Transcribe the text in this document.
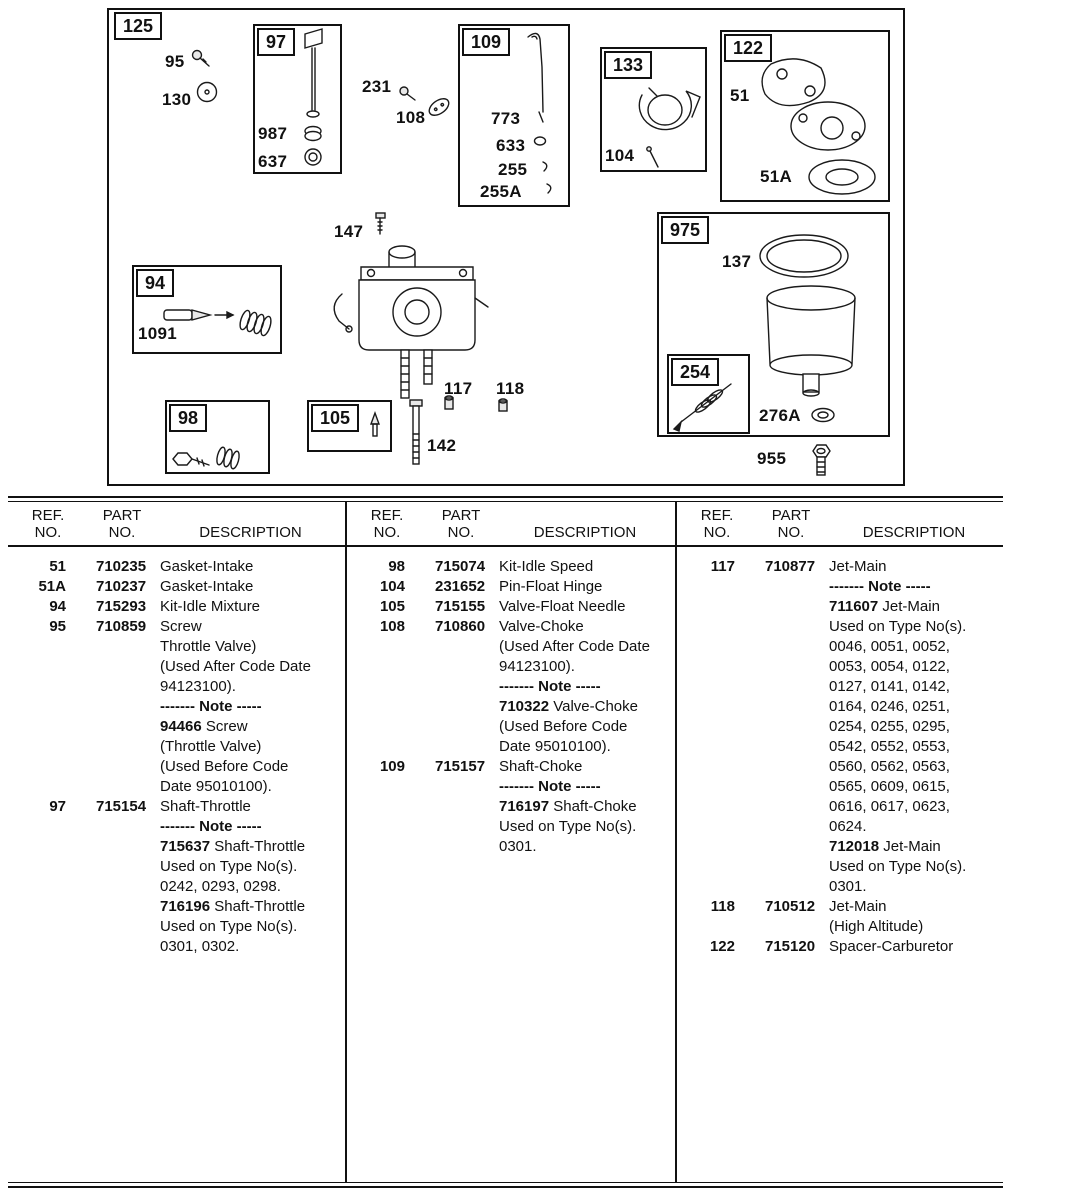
125
97	109
133
122
94
98	105
975
254
95
130
987
637
231
108	773
633
255
255A
51
51A
104
147
1091
117 118
142
137
276A
955
REF.
NO.
PART
NO.	DESCRIPTION
51	710235 Gasket-Intake
51A	710237 Gasket-Intake
94	715293 Kit-Idle Mixture
95	710859 Screw
Throttle Valve)
(Used After Code Date
94123100).
------- Note -----
94466 Screw
(Throttle Valve)
(Used Before Code
Date 95010100).
97	715154 Shaft-Throttle
------- Note -----
715637 Shaft-Throttle
Used on Type No(s).
0242, 0293, 0298.
716196 Shaft-Throttle
Used on Type No(s).
0301, 0302.
REF.
NO.
PART
NO.	DESCRIPTION
98	715074 Kit-Idle Speed
104	231652 Pin-Float Hinge
105	715155 Valve-Float Needle
108	710860 Valve-Choke
(Used After Code Date
94123100).
------- Note -----
710322 Valve-Choke
(Used Before Code
Date 95010100).
109	715157 Shaft-Choke
------- Note -----
716197 Shaft-Choke
Used on Type No(s).
0301.
REF.
NO.
PART
NO.	DESCRIPTION
117	710877 Jet-Main
------- Note -----
711607 Jet-Main
Used on Type No(s).
0046, 0051, 0052,
0053, 0054, 0122,
0127, 0141, 0142,
0164, 0246, 0251,
0254, 0255, 0295,
0542, 0552, 0553,
0560, 0562, 0563,
0565, 0609, 0615,
0616, 0617, 0623,
0624.
712018 Jet-Main
Used on Type No(s).
0301.
118	710512 Jet-Main
(High Altitude)
122	715120 Spacer-Carburetor
